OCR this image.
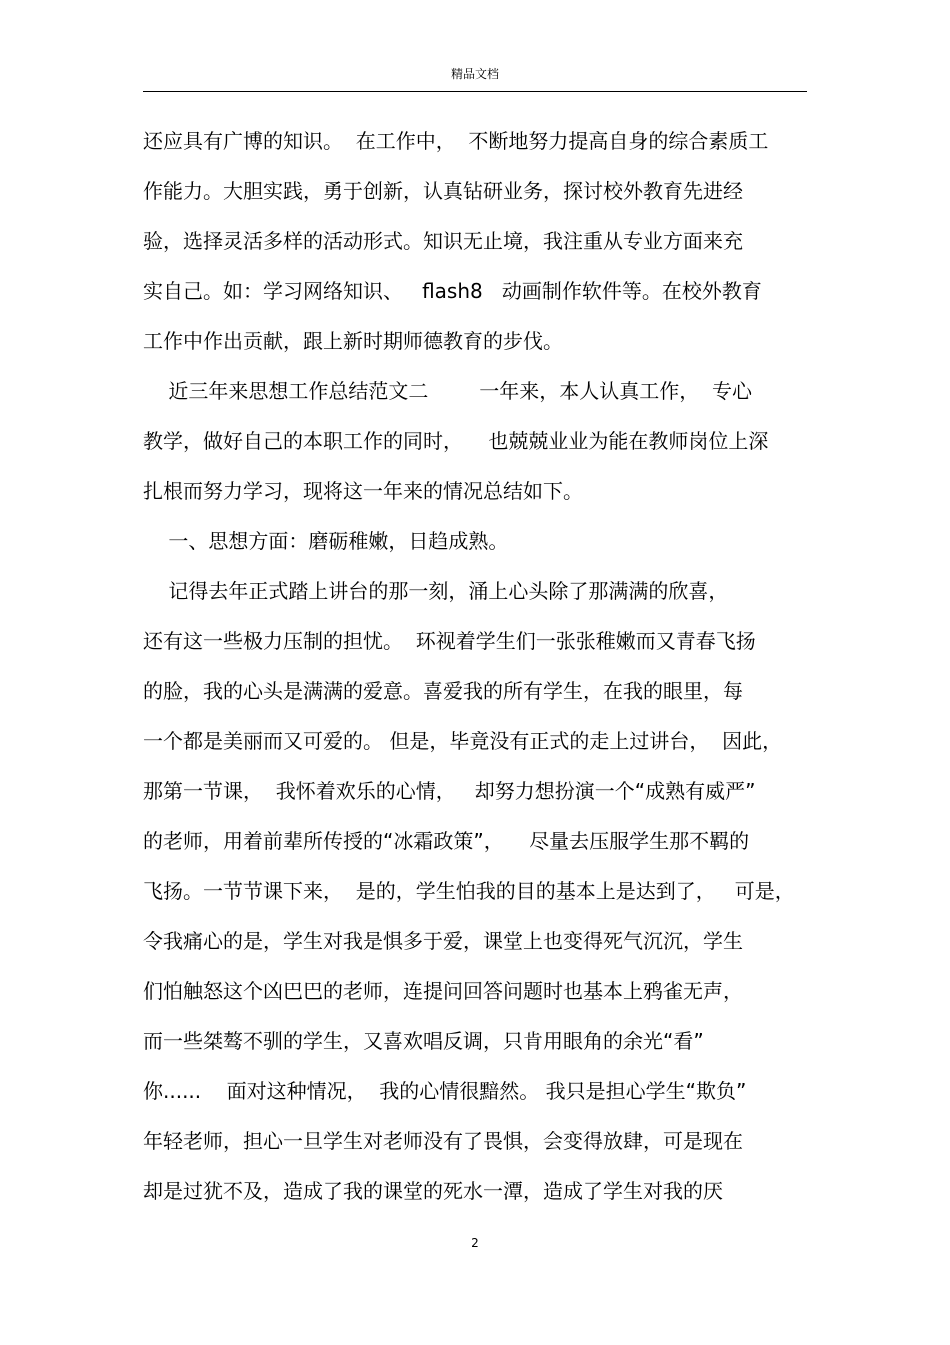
精品文档
还应具有广博的知识。  在工作中，  不断地努力提高自身的综合素质工
作能力。大胆实践，勇于创新，认真钻研业务，探讨校外教育先进经
验，选择灵活多样的活动形式。知识无止境，我注重从专业方面来充
实自己。如：学习网络知识、   flash8   动画制作软件等。在校外教育
工作中作出贡献，跟上新时期师德教育的步伐。
近三年来思想工作总结范文二        一年来，本人认真工作，  专心
教学，做好自己的本职工作的同时，    也兢兢业业为能在教师岗位上深
扎根而努力学习，现将这一年来的情况总结如下。
一、思想方面：磨砺稚嫩，日趋成熟。
记得去年正式踏上讲台的那一刻，涌上心头除了那满满的欣喜，
还有这一些极力压制的担忧。  环视着学生们一张张稚嫩而又青春飞扬
的脸，我的心头是满满的爱意。喜爱我的所有学生，在我的眼里，每
一个都是美丽而又可爱的。 但是，毕竟没有正式的走上过讲台，  因此，
那第一节课，  我怀着欢乐的心情，   却努力想扮演一个“成熟有威严”
的老师，用着前辈所传授的“冰霜政策”，    尽量去压服学生那不羁的
飞扬。一节节课下来，  是的，学生怕我的目的基本上是达到了，   可是，
令我痛心的是，学生对我是惧多于爱，课堂上也变得死气沉沉，学生
们怕触怒这个凶巴巴的老师，连提问回答问题时也基本上鸦雀无声，
而一些桀骜不驯的学生，又喜欢唱反调，只肯用眼角的余光“看”
你......    面对这种情况，  我的心情很黯然。 我只是担心学生“欺负”
年轻老师，担心一旦学生对老师没有了畏惧，会变得放肆，可是现在
却是过犹不及，造成了我的课堂的死水一潭，造成了学生对我的厌
2
